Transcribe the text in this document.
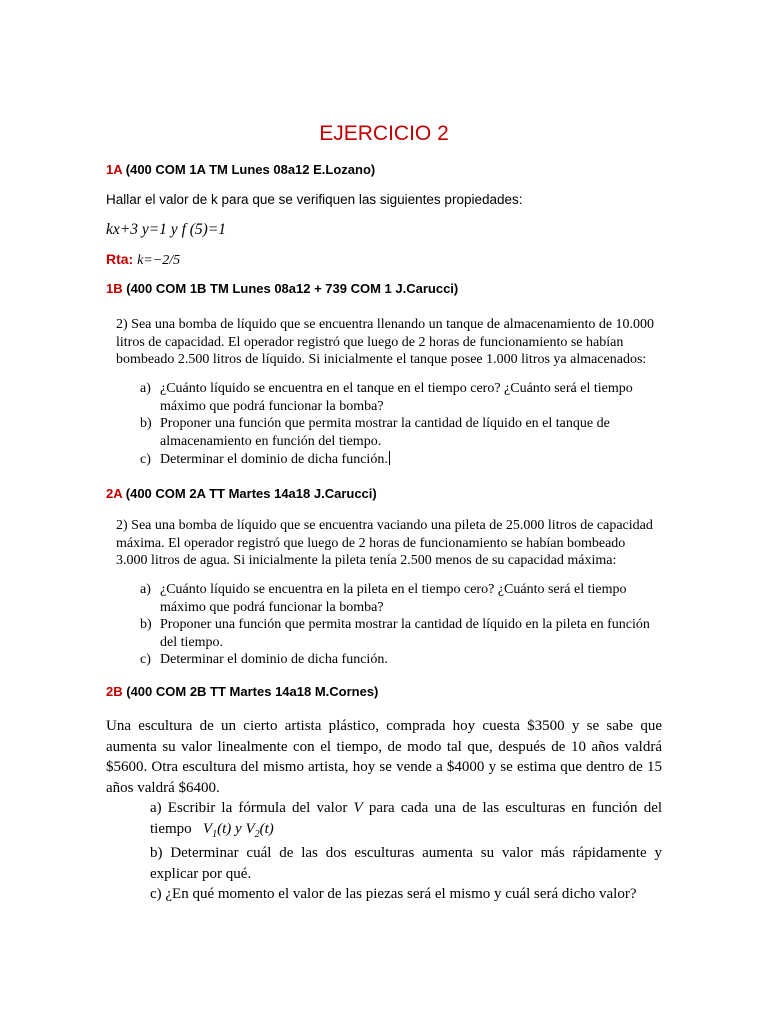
EJERCICIO 2
1A (400 COM 1A TM Lunes 08a12 E.Lozano)
Hallar el valor de k para que se verifiquen las siguientes propiedades:
kx+3 y=1 y f (5)=1
Rta: k=−2/5
1B (400 COM 1B TM Lunes 08a12 + 739 COM 1 J.Carucci)
2) Sea una bomba de líquido que se encuentra llenando un tanque de almacenamiento de 10.000
litros de capacidad. El operador registró que luego de 2 horas de funcionamiento se habían
bombeado 2.500 litros de líquido. Si inicialmente el tanque posee 1.000 litros ya almacenados:
a) ¿Cuánto líquido se encuentra en el tanque en el tiempo cero? ¿Cuánto será el tiempo
máximo que podrá funcionar la bomba?
b) Proponer una función que permita mostrar la cantidad de líquido en el tanque de
almacenamiento en función del tiempo.
c) Determinar el dominio de dicha función.
2A (400 COM 2A TT Martes 14a18 J.Carucci)
2) Sea una bomba de líquido que se encuentra vaciando una pileta de 25.000 litros de capacidad
máxima. El operador registró que luego de 2 horas de funcionamiento se habían bombeado
3.000 litros de agua. Si inicialmente la pileta tenía 2.500 menos de su capacidad máxima:
a) ¿Cuánto líquido se encuentra en la pileta en el tiempo cero? ¿Cuánto será el tiempo
máximo que podrá funcionar la bomba?
b) Proponer una función que permita mostrar la cantidad de líquido en la pileta en función
del tiempo.
c) Determinar el dominio de dicha función.
2B (400 COM 2B TT Martes 14a18 M.Cornes)
Una escultura de un cierto artista plástico, comprada hoy cuesta $3500 y se sabe que
aumenta su valor linealmente con el tiempo, de modo tal que, después de 10 años valdrá
$5600. Otra escultura del mismo artista, hoy se vende a $4000 y se estima que dentro de 15
años valdrá $6400.
a) Escribir la fórmula del valor V para cada una de las esculturas en función del
tiempo $V_1(t)$ y $V_2(t)$
b) Determinar cuál de las dos esculturas aumenta su valor más rápidamente y
explicar por qué.
c) ¿En qué momento el valor de las piezas será el mismo y cuál será dicho valor?
